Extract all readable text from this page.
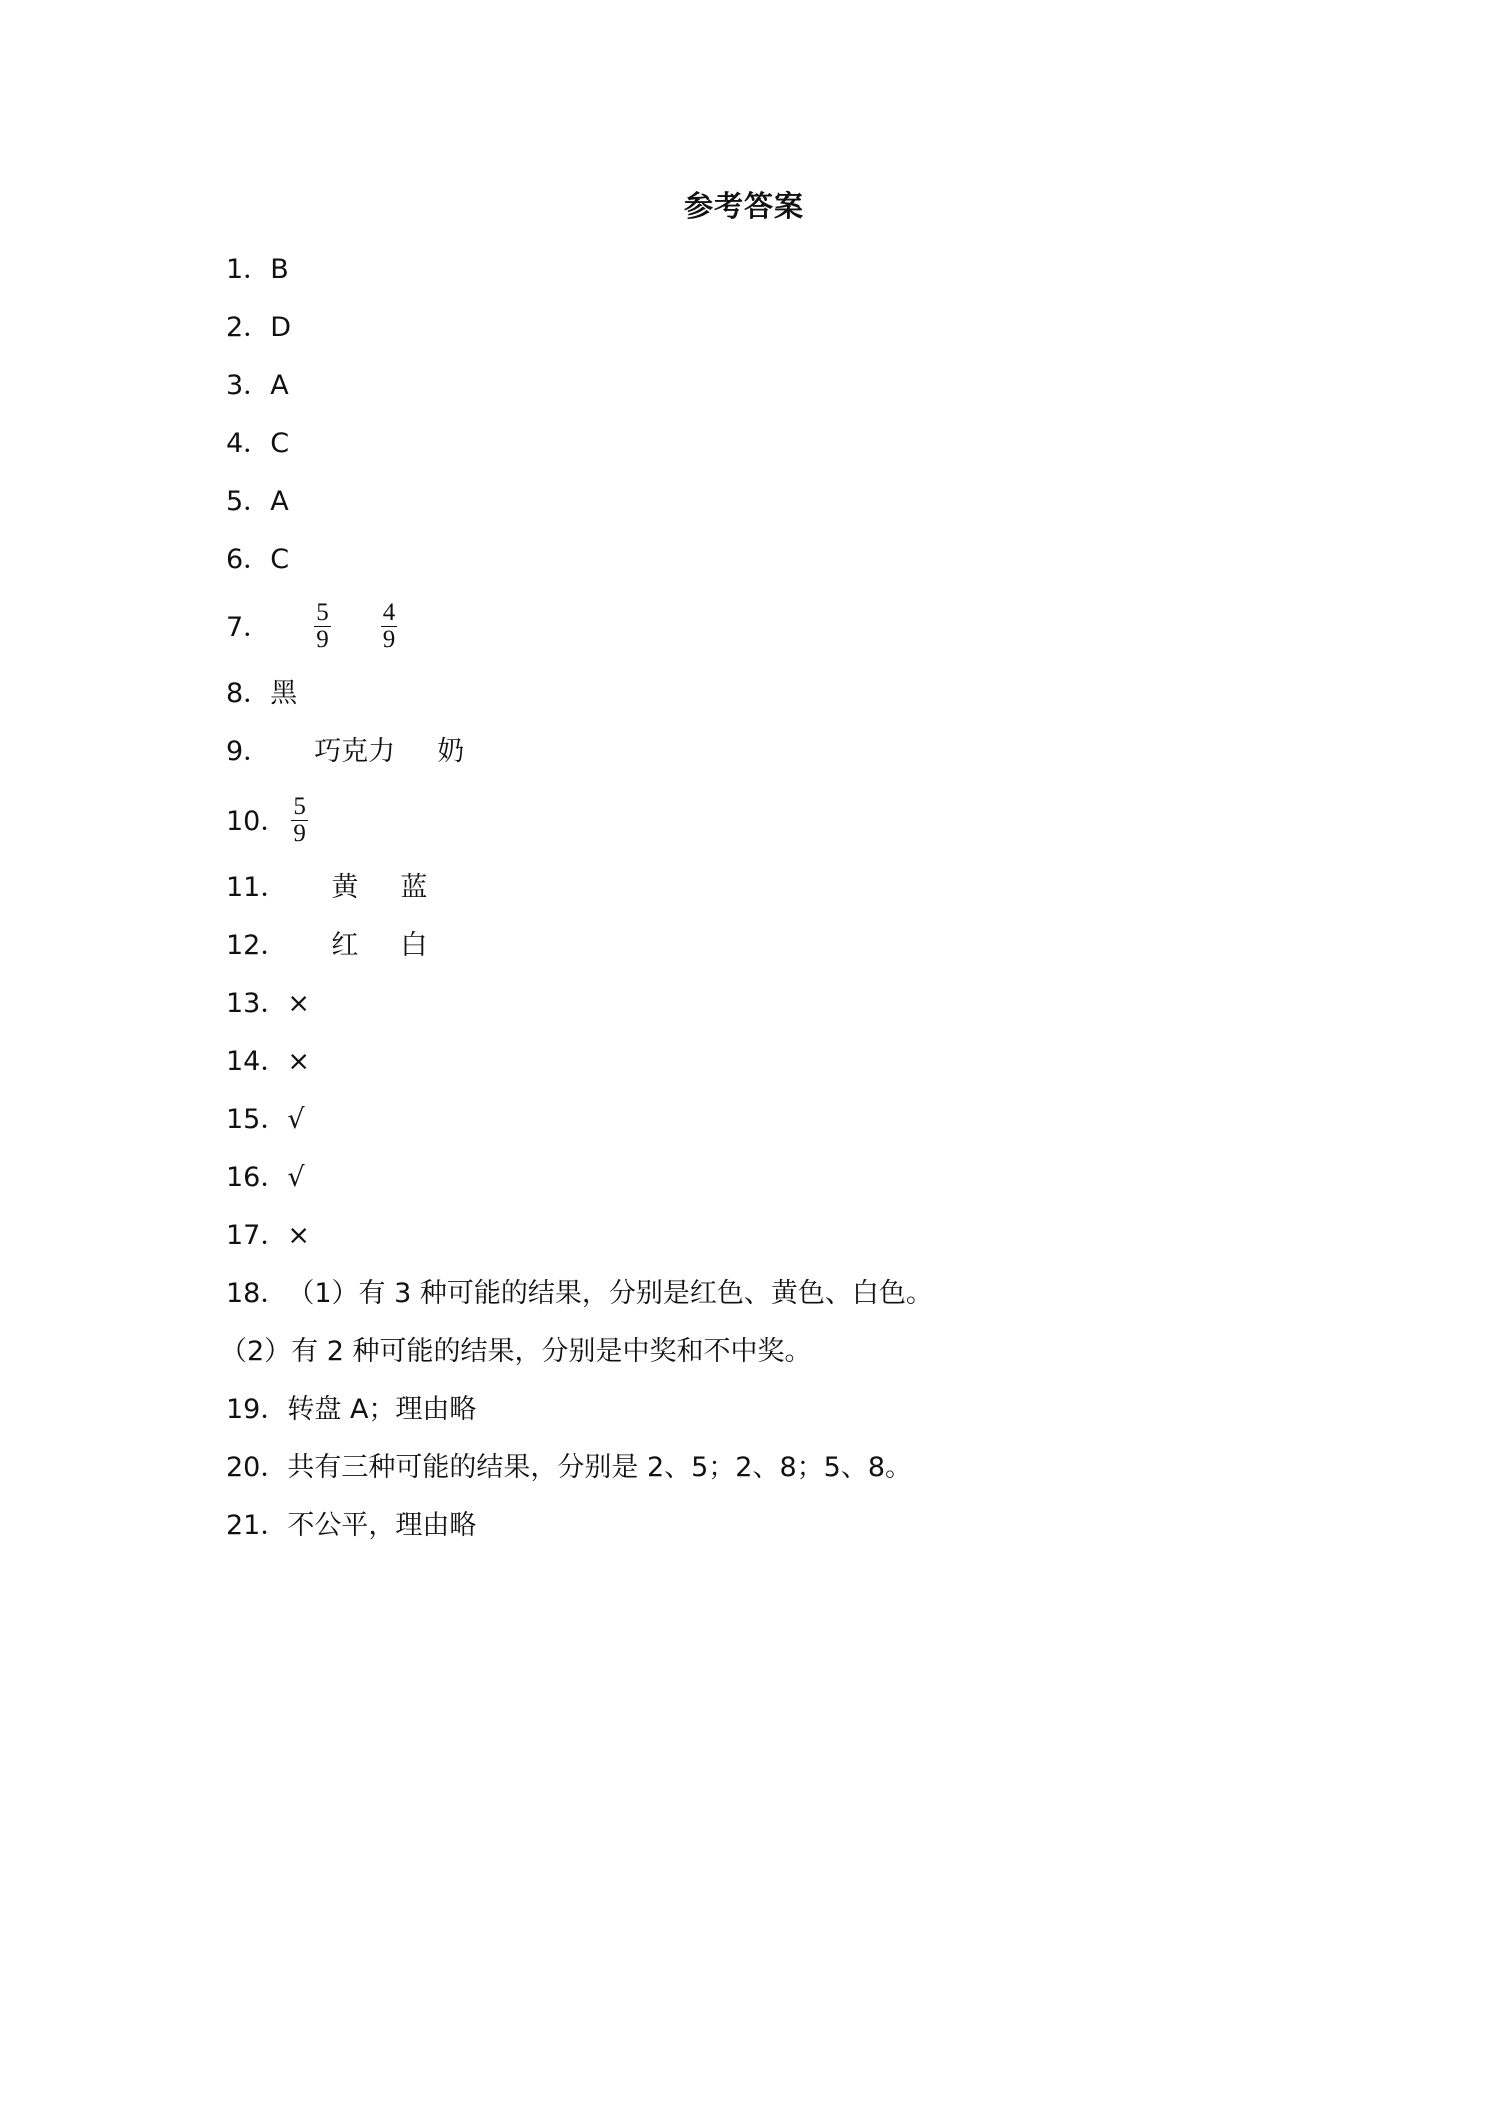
参考答案
1．B
2．D
3．A
4．C
5．A
6．C
7． $\frac{5}{9} \frac{4}{9}$
8．黑
9． 巧克力 奶
10． $\frac{5}{9}$
11． 黄 蓝
12． 红 白
13．×
14．×
15．√
16．√
17．×
18．（1）有 3 种可能的结果，分别是红色、黄色、白色。
（2）有 2 种可能的结果，分别是中奖和不中奖。
19．转盘 A；理由略
20．共有三种可能的结果，分别是 2、5；2、8；5、8。
21．不公平，理由略
